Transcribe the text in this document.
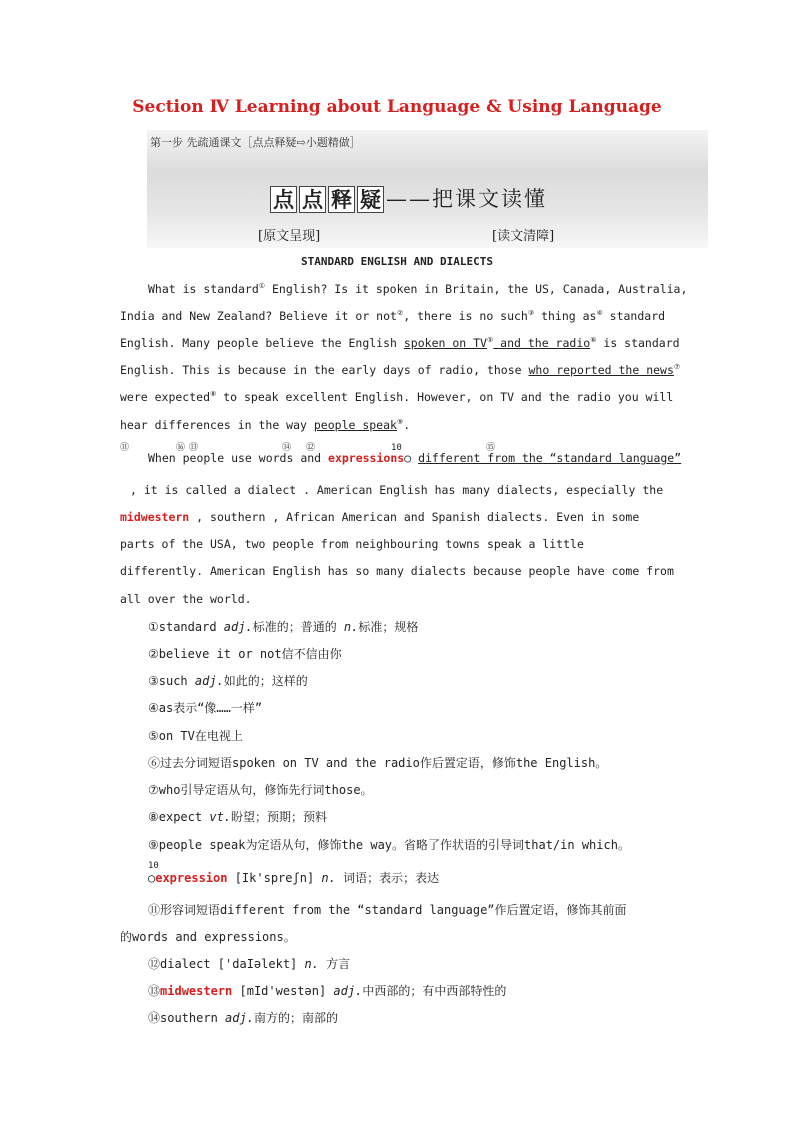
Section Ⅳ Learning about Language & Using Language
第一步 先疏通课文［点点释疑⇨小题精做］
点 点 释 疑 ——把课文读懂
[原文呈现]	[读文清障]
STANDARD ENGLISH AND DIALECTS
What is standard① English? Is it spoken in Britain, the US, Canada, Australia,
India and New Zealand? Believe it or not②, there is no such③ thing as④ standard
English. Many people believe the English spoken on TV⑤ and the radio⑥ is standard
English. This is because in the early days of radio, those who reported the news⑦
were expected⑧ to speak excellent English. However, on TV and the radio you will
hear differences in the way people speak⑨.
⑪	⑯ ⑬	⑭ ⑫	10	⑮
When people use words and expressions○ different from the “standard language”
, it is called a dialect . American English has many dialects, especially the
midwestern , southern , African American and Spanish dialects. Even in some
parts of the USA, two people from neighbouring towns speak a little
differently. American English has so many dialects because people have come from
all over the world.
①standard adj.标准的；普通的 n.标准；规格
②believe it or not信不信由你
③such adj.如此的；这样的
④as表示“像……一样”
⑤on TV在电视上
⑥过去分词短语spoken on TV and the radio作后置定语，修饰the English。
⑦who引导定语从句，修饰先行词those。
⑧expect vt.盼望；预期；预料
⑨people speak为定语从句，修饰the way。省略了作状语的引导词that/in which。
10
○expression [Ik'spreʃn] n. 词语；表示；表达
⑪形容词短语different from the “standard language”作后置定语，修饰其前面
的words and expressions。
⑫dialect ['daIəlekt] n. 方言
⑬midwestern [mId'westən] adj.中西部的；有中西部特性的
⑭southern adj.南方的；南部的
